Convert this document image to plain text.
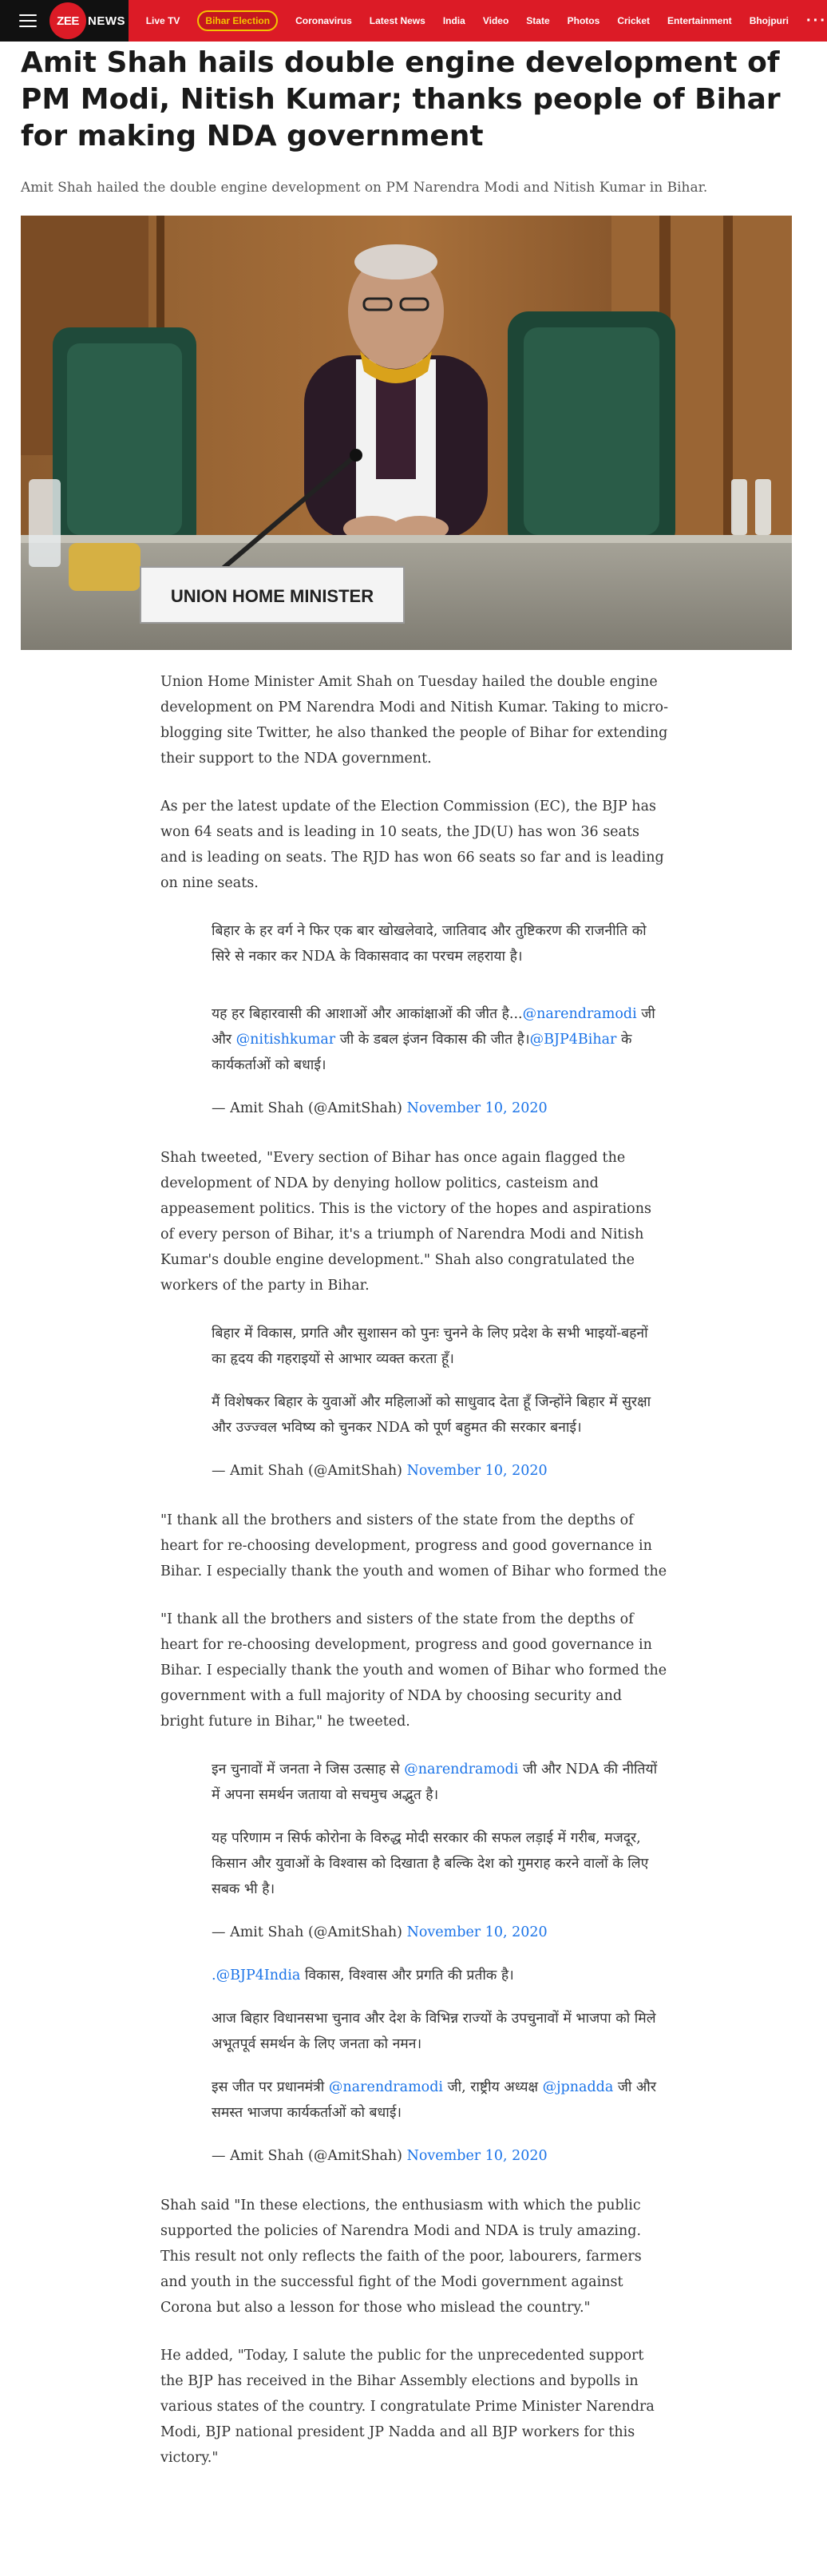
ZEE NEWS Live TV	Bihar Election	Coronavirus Latest News India Video State Photos Cricket Entertainment Bhojpuri ···
Amit Shah hails double engine development of PM Modi, Nitish Kumar; thanks people of Bihar for making NDA government

Amit Shah hailed the double engine development on PM Narendra Modi and Nitish Kumar in Bihar.

UNION HOME MINISTER

Union Home Minister Amit Shah on Tuesday hailed the double engine development on PM Narendra Modi and Nitish Kumar. Taking to micro-blogging site Twitter, he also thanked the people of Bihar for extending their support to the NDA government.

As per the latest update of the Election Commission (EC), the BJP has won 64 seats and is leading in 10 seats, the JD(U) has won 36 seats and is leading on seats. The RJD has won 66 seats so far and is leading on nine seats.

बिहार के हर वर्ग ने फिर एक बार खोखलेवादे, जातिवाद और तुष्टिकरण की राजनीति को सिरे से नकार कर NDA के विकासवाद का परचम लहराया है।

यह हर बिहारवासी की आशाओं और आकांक्षाओं की जीत है...@narendramodi जी और @nitishkumar जी के डबल इंजन विकास की जीत है।@BJP4Bihar के कार्यकर्ताओं को बधाई।

— Amit Shah (@AmitShah) November 10, 2020

Shah tweeted, "Every section of Bihar has once again flagged the development of NDA by denying hollow politics, casteism and appeasement politics. This is the victory of the hopes and aspirations of every person of Bihar, it's a triumph of Narendra Modi and Nitish Kumar's double engine development." Shah also congratulated the workers of the party in Bihar.

बिहार में विकास, प्रगति और सुशासन को पुनः चुनने के लिए प्रदेश के सभी भाइयों-बहनों का हृदय की गहराइयों से आभार व्यक्त करता हूँ।

मैं विशेषकर बिहार के युवाओं और महिलाओं को साधुवाद देता हूँ जिन्होंने बिहार में सुरक्षा और उज्ज्वल भविष्य को चुनकर NDA को पूर्ण बहुमत की सरकार बनाई।

— Amit Shah (@AmitShah) November 10, 2020

"I thank all the brothers and sisters of the state from the depths of heart for re-choosing development, progress and good governance in Bihar. I especially thank the youth and women of Bihar who formed the

"I thank all the brothers and sisters of the state from the depths of heart for re-choosing development, progress and good governance in Bihar. I especially thank the youth and women of Bihar who formed the government with a full majority of NDA by choosing security and bright future in Bihar," he tweeted.

इन चुनावों में जनता ने जिस उत्साह से @narendramodi जी और NDA की नीतियों में अपना समर्थन जताया वो सचमुच अद्भुत है।

यह परिणाम न सिर्फ कोरोना के विरुद्ध मोदी सरकार की सफल लड़ाई में गरीब, मजदूर, किसान और युवाओं के विश्वास को दिखाता है बल्कि देश को गुमराह करने वालों के लिए सबक भी है।

— Amit Shah (@AmitShah) November 10, 2020

.@BJP4India विकास, विश्वास और प्रगति की प्रतीक है।

आज बिहार विधानसभा चुनाव और देश के विभिन्न राज्यों के उपचुनावों में भाजपा को मिले अभूतपूर्व समर्थन के लिए जनता को नमन।

इस जीत पर प्रधानमंत्री @narendramodi जी, राष्ट्रीय अध्यक्ष @jpnadda जी और समस्त भाजपा कार्यकर्ताओं को बधाई।

— Amit Shah (@AmitShah) November 10, 2020

Shah said "In these elections, the enthusiasm with which the public supported the policies of Narendra Modi and NDA is truly amazing. This result not only reflects the faith of the poor, labourers, farmers and youth in the successful fight of the Modi government against Corona but also a lesson for those who mislead the country."

He added, "Today, I salute the public for the unprecedented support the BJP has received in the Bihar Assembly elections and bypolls in various states of the country. I congratulate Prime Minister Narendra Modi, BJP national president JP Nadda and all BJP workers for this victory."
